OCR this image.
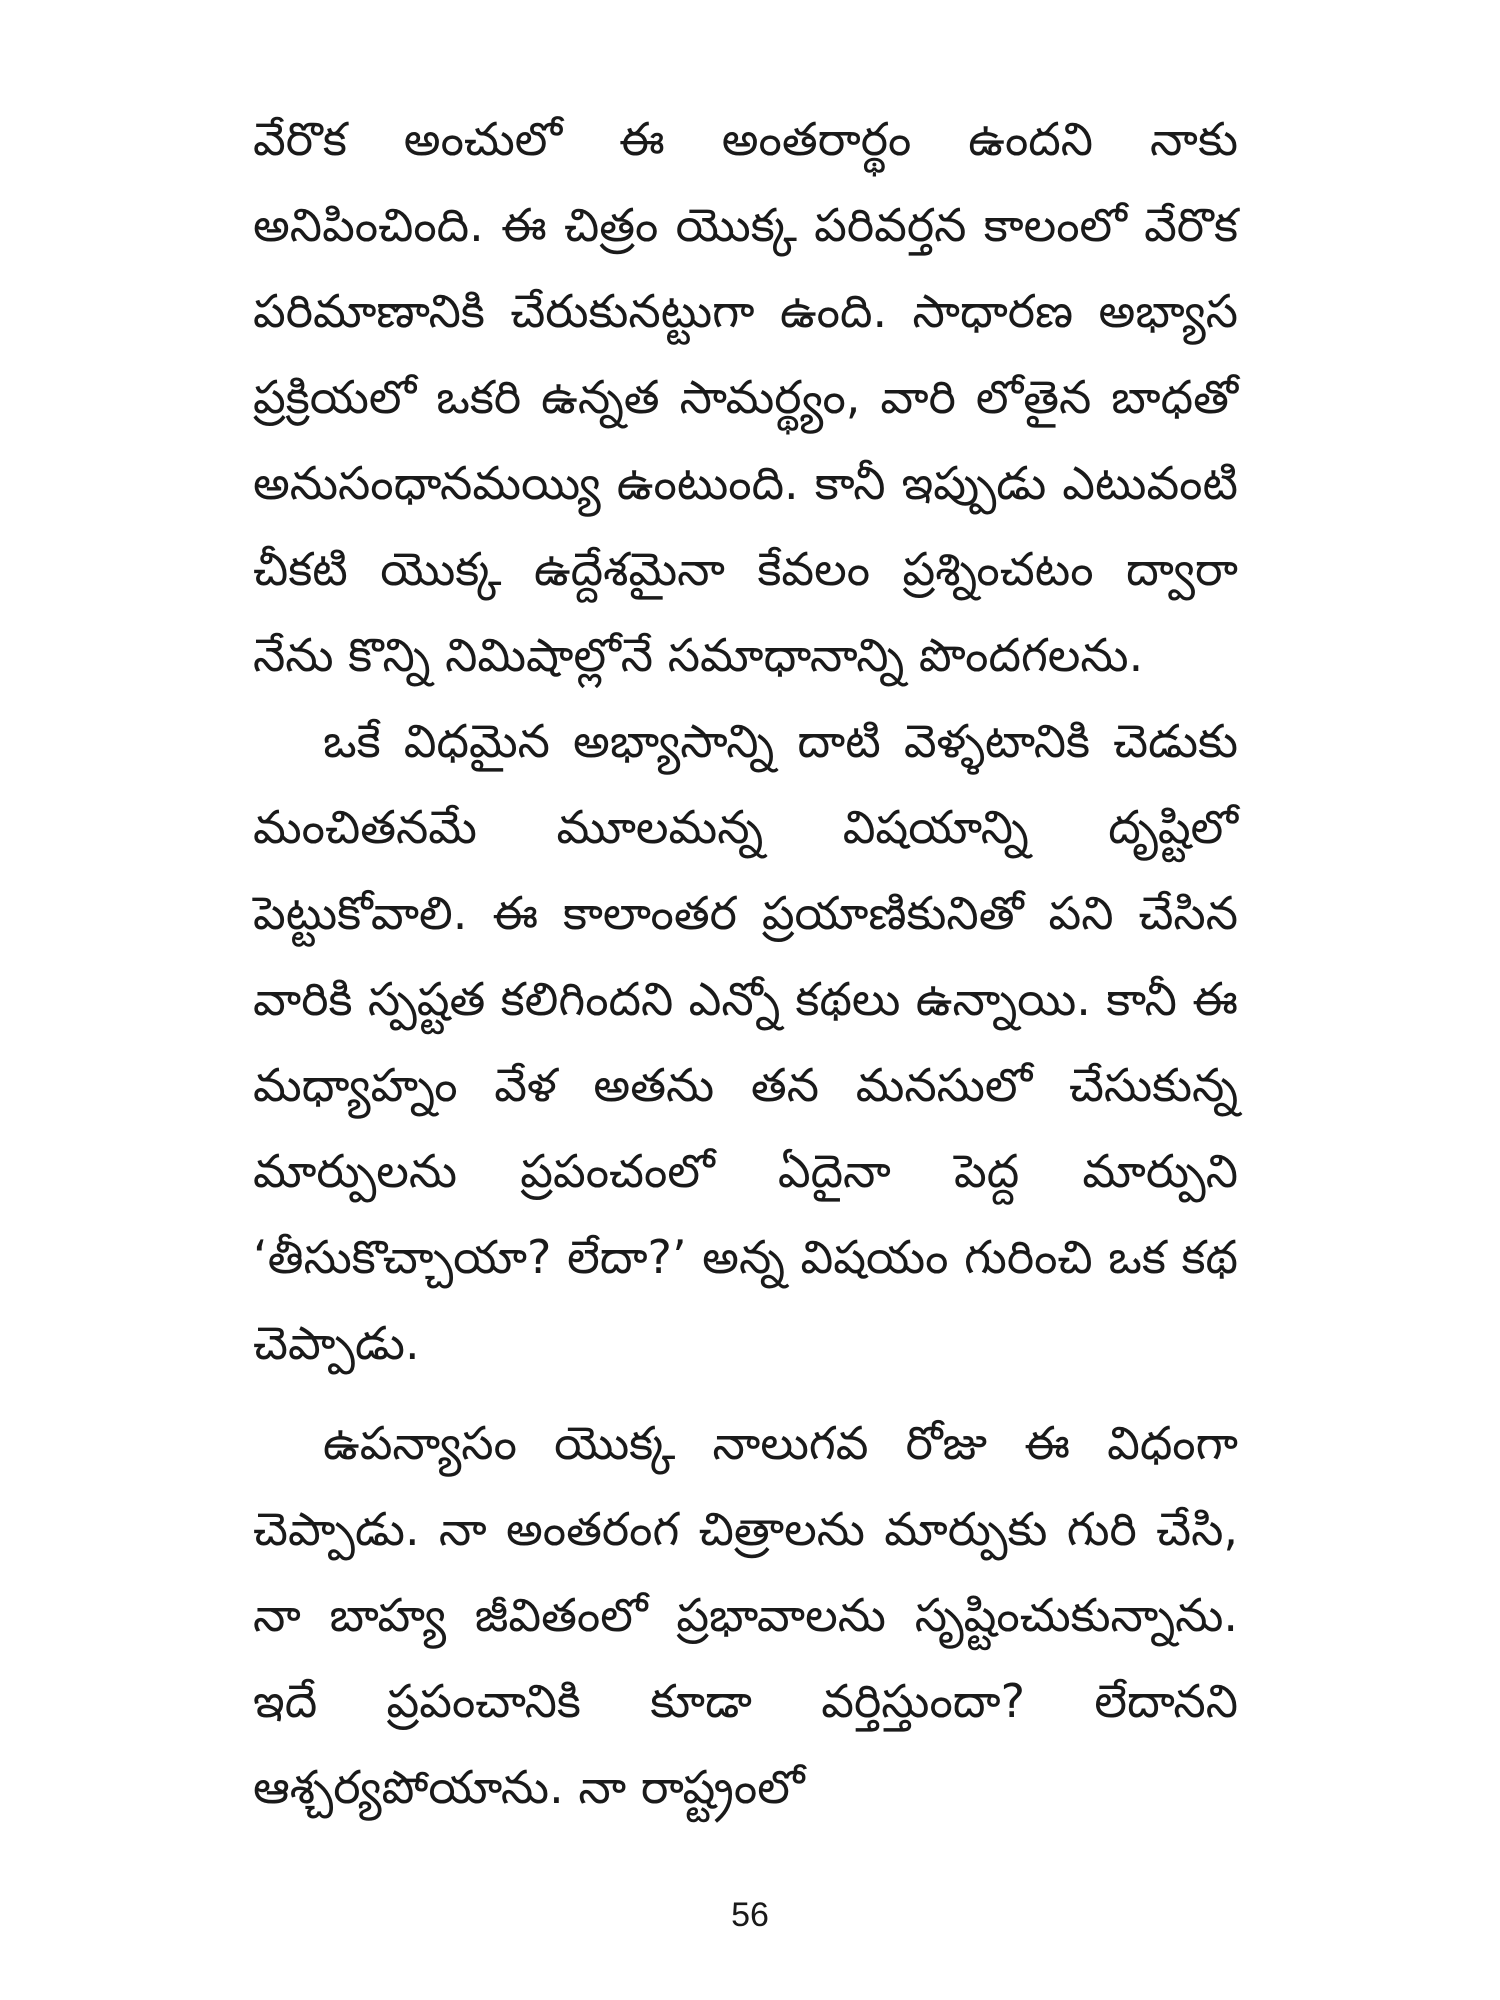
వేరొక అంచులో ఈ అంతరార్థం ఉందని నాకు అనిపించింది. ఈ చిత్రం యొక్క పరివర్తన కాలంలో వేరొక పరిమాణానికి చేరుకునట్టుగా ఉంది. సాధారణ అభ్యాస ప్రక్రియలో ఒకరి ఉన్నత సామర్థ్యం, వారి లోతైన బాధతో అనుసంధానమయ్యి ఉంటుంది. కానీ ఇప్పుడు ఎటువంటి చీకటి యొక్క ఉద్దేశమైనా కేవలం ప్రశ్నించటం ద్వారా నేను కొన్ని నిమిషాల్లోనే సమాధానాన్ని పొందగలను.

ఒకే విధమైన అభ్యాసాన్ని దాటి వెళ్ళటానికి చెడుకు మంచితనమే మూలమన్న విషయాన్ని దృష్టిలో పెట్టుకోవాలి. ఈ కాలాంతర ప్రయాణికునితో పని చేసిన వారికి స్పష్టత కలిగిందని ఎన్నో కథలు ఉన్నాయి. కానీ ఈ మధ్యాహ్నం వేళ అతను తన మనసులో చేసుకున్న మార్పులను ప్రపంచంలో ఏదైనా పెద్ద మార్పుని ‘తీసుకొచ్చాయా? లేదా?’ అన్న విషయం గురించి ఒక కథ చెప్పాడు.

ఉపన్యాసం యొక్క నాలుగవ రోజు ఈ విధంగా చెప్పాడు. నా అంతరంగ చిత్రాలను మార్పుకు గురి చేసి, నా బాహ్య జీవితంలో ప్రభావాలను సృష్టించుకున్నాను. ఇదే ప్రపంచానికి కూడా వర్తిస్తుందా? లేదానని ఆశ్చర్యపోయాను. నా రాష్ట్రంలో

56
